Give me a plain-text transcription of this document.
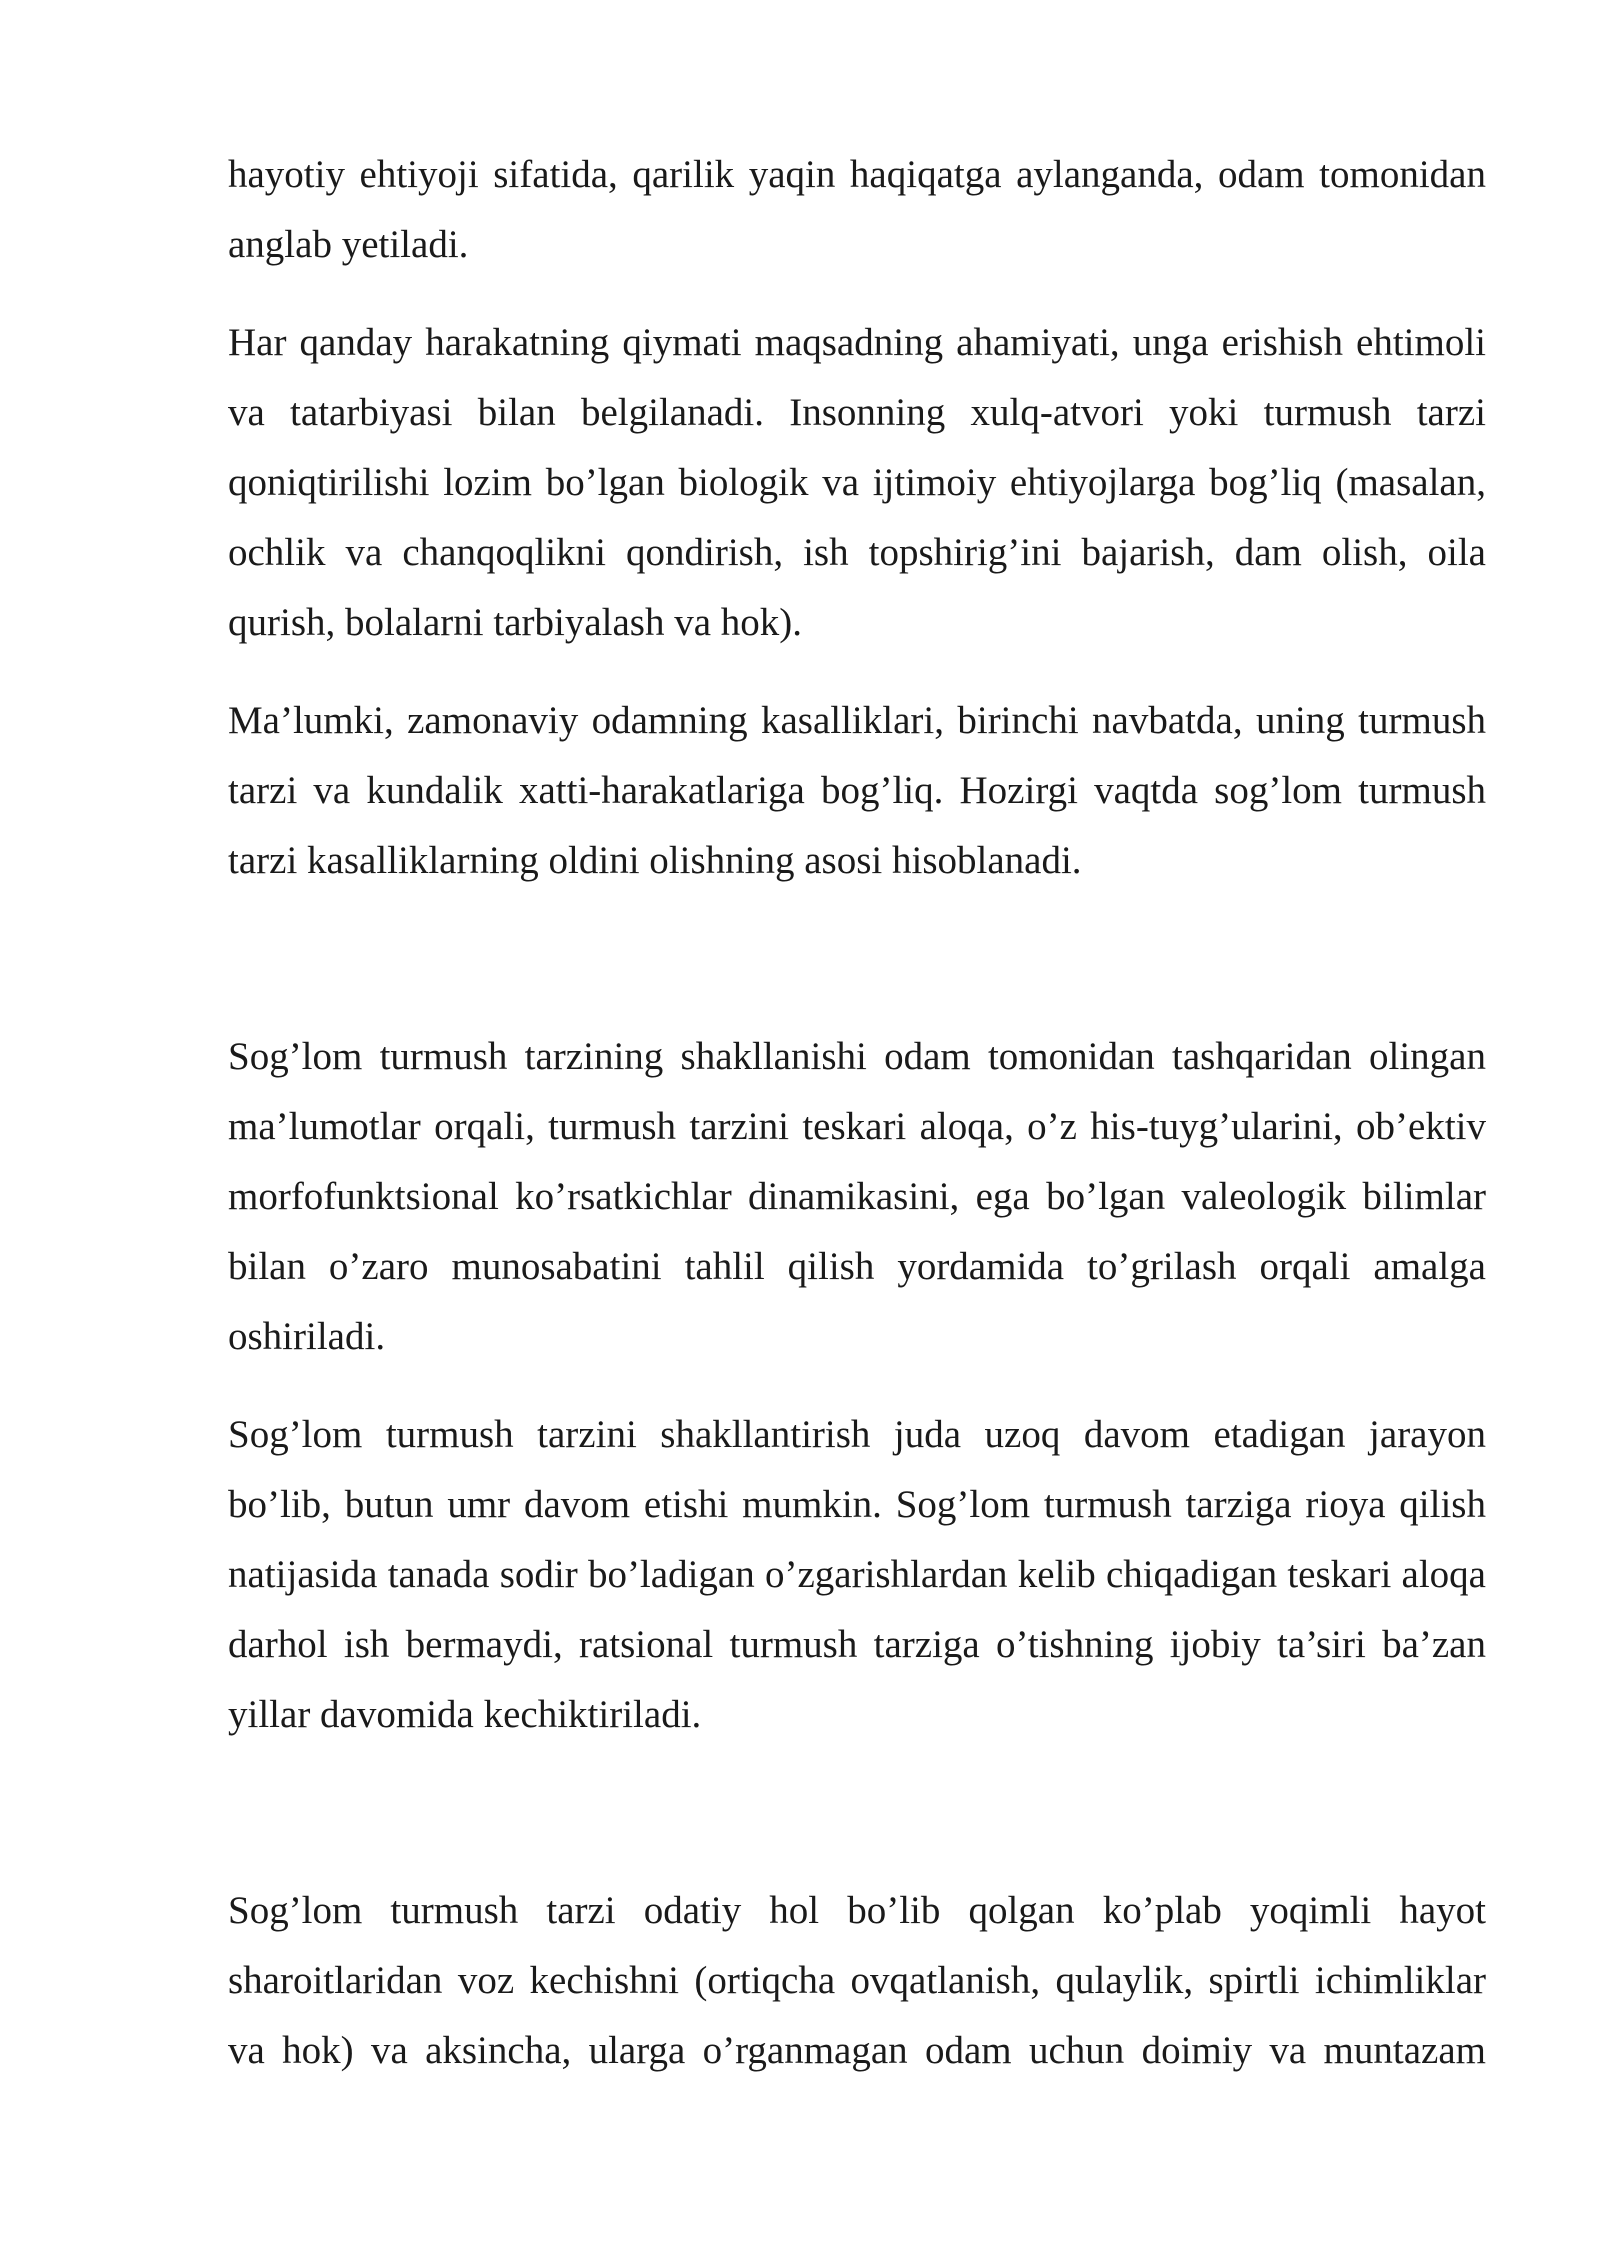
hayotiy ehtiyoji sifatida, qarilik yaqin haqiqatga aylanganda, odam tomonidan anglab yetiladi.

Har qanday harakatning qiymati maqsadning ahamiyati, unga erishish ehtimoli va tatarbiyasi bilan belgilanadi. Insonning xulq-atvori yoki turmush tarzi qoniqtirilishi lozim bo’lgan biologik va ijtimoiy ehtiyojlarga bog’liq (masalan, ochlik va chanqoqlikni qondirish, ish topshirig’ini bajarish, dam olish, oila qurish, bolalarni tarbiyalash va hok).

Ma’lumki, zamonaviy odamning kasalliklari, birinchi navbatda, uning turmush tarzi va kundalik xatti-harakatlariga bog’liq. Hozirgi vaqtda sog’lom turmush tarzi kasalliklarning oldini olishning asosi hisoblanadi.

Sog’lom turmush tarzining shakllanishi odam tomonidan tashqaridan olingan ma’lumotlar orqali, turmush tarzini teskari aloqa, o’z his-tuyg’ularini, ob’ektiv morfofunktsional ko’rsatkichlar dinamikasini, ega bo’lgan valeologik bilimlar bilan o’zaro munosabatini tahlil qilish yordamida to’grilash orqali amalga oshiriladi.

Sog’lom turmush tarzini shakllantirish juda uzoq davom etadigan jarayon bo’lib, butun umr davom etishi mumkin. Sog’lom turmush tarziga rioya qilish natijasida tanada sodir bo’ladigan o’zgarishlardan kelib chiqadigan teskari aloqa darhol ish bermaydi, ratsional turmush tarziga o’tishning ijobiy ta’siri ba’zan yillar davomida kechiktiriladi.

Sog’lom turmush tarzi odatiy hol bo’lib qolgan ko’plab yoqimli hayot sharoitlaridan voz kechishni (ortiqcha ovqatlanish, qulaylik, spirtli ichimliklar va hok) va aksincha, ularga o’rganmagan odam uchun doimiy va muntazam
